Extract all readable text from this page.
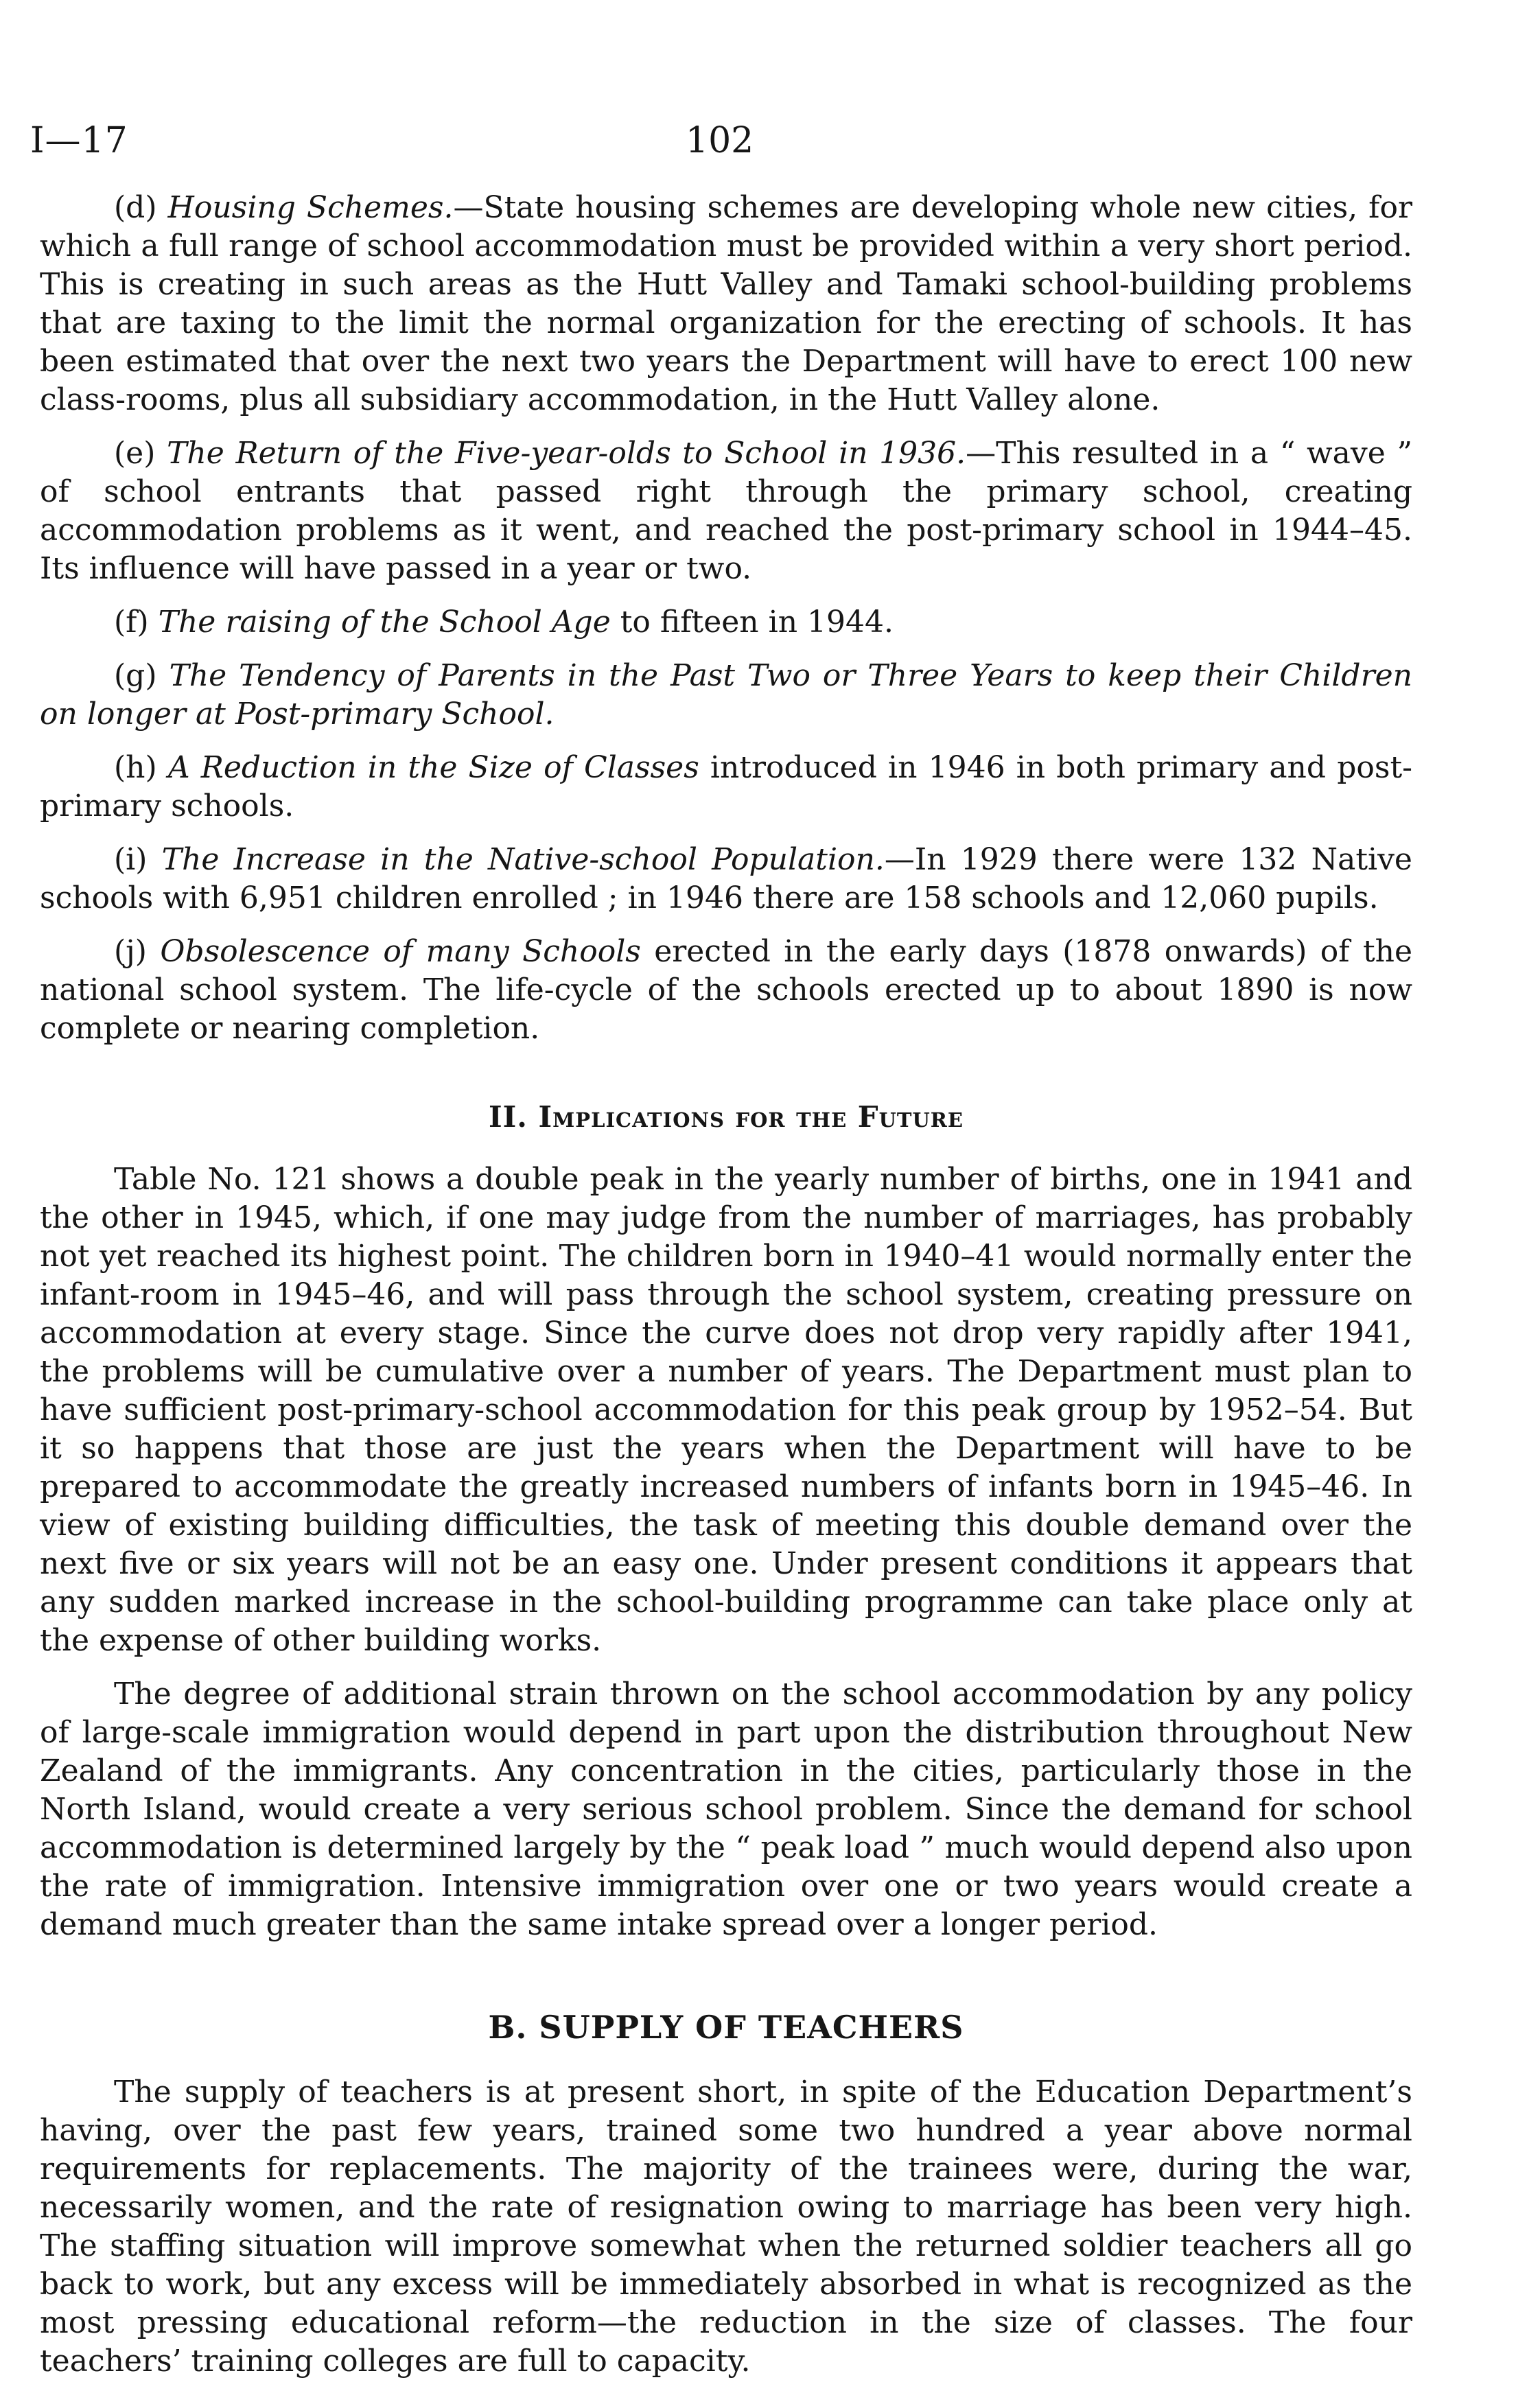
I—17	102

(d) Housing Schemes.—State housing schemes are developing whole new cities, for which a full range of school accommodation must be provided within a very short period. This is creating in such areas as the Hutt Valley and Tamaki school-building problems that are taxing to the limit the normal organization for the erecting of schools. It has been estimated that over the next two years the Department will have to erect 100 new class-rooms, plus all subsidiary accommodation, in the Hutt Valley alone.

(e) The Return of the Five-year-olds to School in 1936.—This resulted in a “ wave ” of school entrants that passed right through the primary school, creating accommodation problems as it went, and reached the post-primary school in 1944–45. Its influence will have passed in a year or two.

(f) The raising of the School Age to fifteen in 1944.

(g) The Tendency of Parents in the Past Two or Three Years to keep their Children on longer at Post-primary School.

(h) A Reduction in the Size of Classes introduced in 1946 in both primary and post-primary schools.

(i) The Increase in the Native-school Population.—In 1929 there were 132 Native schools with 6,951 children enrolled ; in 1946 there are 158 schools and 12,060 pupils.

(j) Obsolescence of many Schools erected in the early days (1878 onwards) of the national school system. The life-cycle of the schools erected up to about 1890 is now complete or nearing completion.

II. Implications for the Future

Table No. 121 shows a double peak in the yearly number of births, one in 1941 and the other in 1945, which, if one may judge from the number of marriages, has probably not yet reached its highest point. The children born in 1940–41 would normally enter the infant-room in 1945–46, and will pass through the school system, creating pressure on accommodation at every stage. Since the curve does not drop very rapidly after 1941, the problems will be cumulative over a number of years. The Department must plan to have sufficient post-primary-school accommodation for this peak group by 1952–54. But it so happens that those are just the years when the Department will have to be prepared to accommodate the greatly increased numbers of infants born in 1945–46. In view of existing building difficulties, the task of meeting this double demand over the next five or six years will not be an easy one. Under present conditions it appears that any sudden marked increase in the school-building programme can take place only at the expense of other building works.

The degree of additional strain thrown on the school accommodation by any policy of large-scale immigration would depend in part upon the distribution throughout New Zealand of the immigrants. Any concentration in the cities, particularly those in the North Island, would create a very serious school problem. Since the demand for school accommodation is determined largely by the “ peak load ” much would depend also upon the rate of immigration. Intensive immigration over one or two years would create a demand much greater than the same intake spread over a longer period.

B. SUPPLY OF TEACHERS

The supply of teachers is at present short, in spite of the Education Department’s having, over the past few years, trained some two hundred a year above normal requirements for replacements. The majority of the trainees were, during the war, necessarily women, and the rate of resignation owing to marriage has been very high. The staffing situation will improve somewhat when the returned soldier teachers all go back to work, but any excess will be immediately absorbed in what is recognized as the most pressing educational reform—the reduction in the size of classes. The four teachers’ training colleges are full to capacity.
